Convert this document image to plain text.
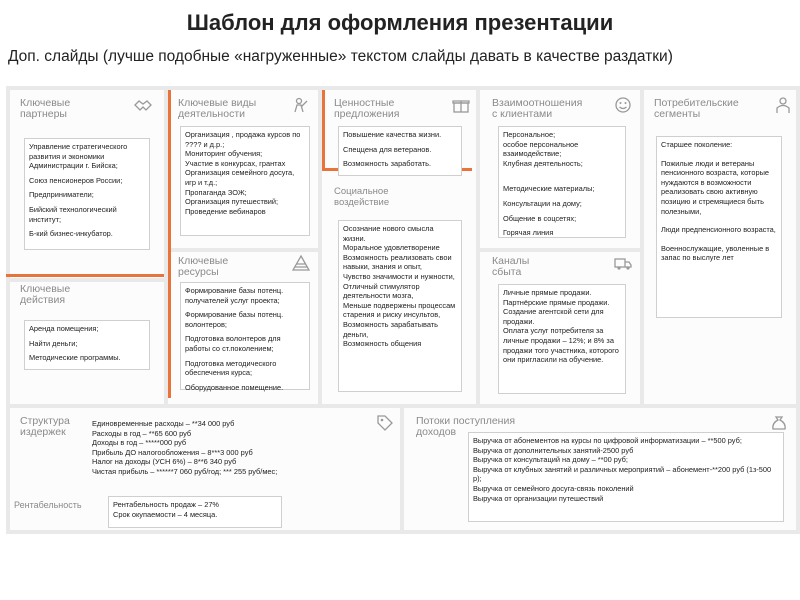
Шаблон для оформления презентации
Доп. слайды (лучше подобные «нагруженные» текстом слайды давать в качестве раздатки)
Ключевые
партнеры
Управление стратегического развития и экономики Администрации г. Бийска;
Союз пенсионеров России;
Предприниматели;
Бийский технологический институт;
Б-кий бизнес-инкубатор.
Ключевые
действия
Аренда помещения;
Найти деньги;
Методические программы.
Ключевые виды
деятельности
Организация , продажа курсов по ???? и д.р.;
Мониторинг обучения;
Участие в конкурсах, грантах
Организация семейного досуга, игр и т.д.;
Пропаганда ЗОЖ;
Организация путешествий;
Проведение вебинаров
Ключевые
ресурсы
Формирование базы потенц. получателей услуг проекта;
Формирование базы потенц. волонтеров;
Подготовка волонтеров для работы со ст.поколением;
Подготовка методического обеспечения курса;
Оборудованное помещение.
Ценностные
предложения
Повышение качества жизни.
Спеццена для ветеранов.
Возможность заработать.
Социальное
воздействие
Осознание нового смысла жизни.
Моральное удовлетворение
Возможность реализовать свои навыки, знания и опыт,
Чувство значимости и нужности,
Отличный стимулятор деятельности мозга,
Меньше подвержены процессам старения и риску инсультов,
Возможность зарабатывать деньги,
Возможность общения
Взаимоотношения
с клиентами
Персональное;
особое персональное взаимодействие;
Клубная деятельность;
Методические материалы;
Консультации на дому;
Общение в соцсетях;
Горячая линия
Каналы
сбыта
Личные прямые продажи. Партнёрские прямые продажи.
Создание агентской сети для продажи.
Оплата услуг потребителя за личные продажи – 12%; и 8% за продажи того участника, которого они пригласили на обучение.
Потребительские
сегменты
Старшее поколение:
Пожилые люди и ветераны пенсионного возраста, которые нуждаются в возможности реализовать свою активную позицию и стремящиеся быть полезными,
Люди предпенсионного возраста,
Военнослужащие, уволенные в запас по выслуге лет
Структура
издержек
Единовременные расходы – **34 000 руб
Расходы в год – **65 600 руб
Доходы в год – *****000 руб
Прибыль ДО налогообложения – 8***3 000 руб
Налог на доходы (УСН 6%) – 8**6 340 руб
Чистая прибыль – ******7 060 руб/год; *** 255 руб/мес;
Рентабельность	Рентабельность продаж – 27%
Срок окупаемости – 4 месяца.
Потоки поступления
доходов
Выручка от абонементов на курсы по цифровой информатизации – **500 руб;
Выручка от дополнительных занятий-2500 руб
Выручка от консультаций на дому – **00 руб;
Выручка от клубных занятий и различных мероприятий – абонемент-**200 руб (1з-500 р);
Выручка от семейного досуга-связь поколений
Выручка от организации путешествий
